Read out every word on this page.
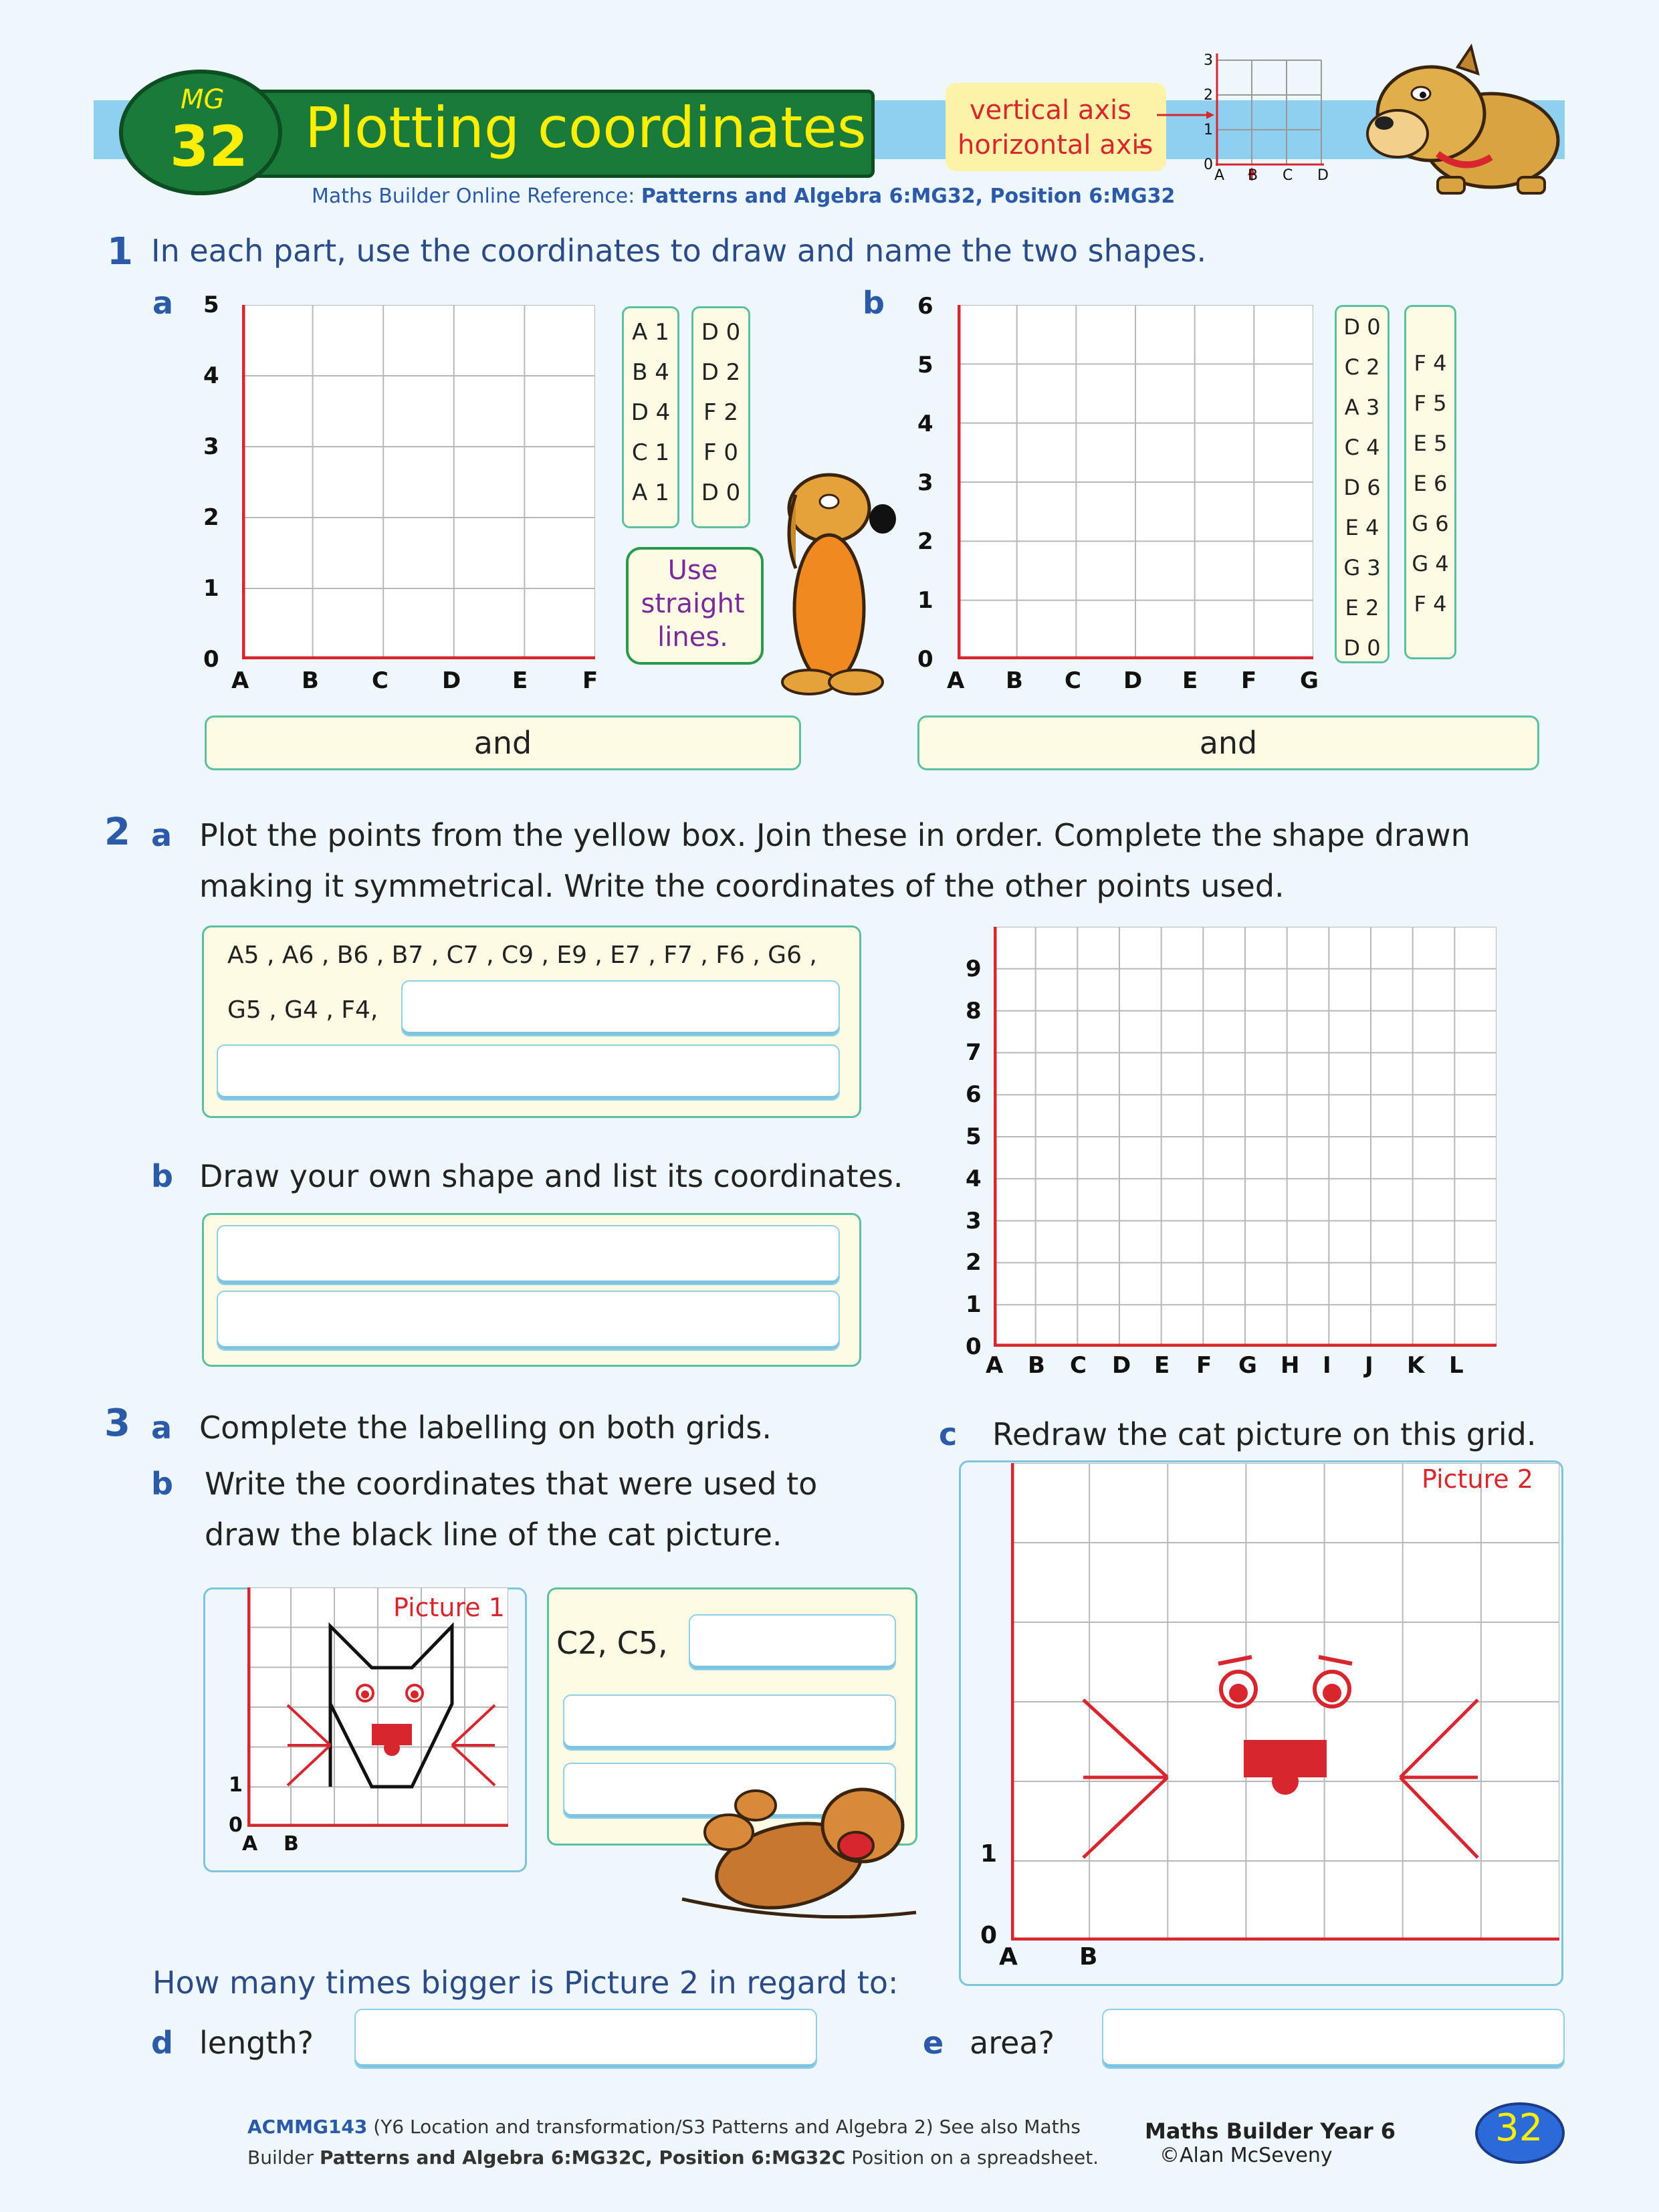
Plotting coordinates
MG
32
Maths Builder Online Reference: Patterns and Algebra 6:MG32, Position 6:MG32
vertical axis
horizontal axis
0
1
2
3
A B C D
1 In each part, use the coordinates to draw and name the two shapes.
a
0
1
2
3
4
5
A B C D E F
A 1
B 4
D 4
C 1
A 1
D 0
D 2
F 2
F 0
D 0
and
Use straight lines.
b
0
1
2
3
4
5
6
A B C D E F G
D 0
C 2
A 3
C 4
D 6
E 4
G 3
E 2
D 0
F 4
F 5
E 5
E 6
G 6
G 4
F 4
and
2 a Plot the points from the yellow box. Join these in order. Complete the shape drawn
making it symmetrical. Write the coordinates of the other points used.
A5 , A6 , B6 , B7 , C7 , C9 , E9 , E7 , F7 , F6 , G6 ,
G5 , G4 , F4,
b Draw your own shape and list its coordinates.
0
1
2
3
4
5
6
7
8
9
A B C D E F G H I J K L
3 a Complete the labelling on both grids.
b Write the coordinates that were used to
draw the black line of the cat picture.
c Redraw the cat picture on this grid.
Picture 1
0
1
A B
C2, C5,
Picture 2
0
1
A	B
How many times bigger is Picture 2 in regard to:
d length?	e area?
ACMMG143 (Y6 Location and transformation/S3 Patterns and Algebra 2) See also Maths
Builder Patterns and Algebra 6:MG32C, Position 6:MG32C Position on a spreadsheet.
Maths Builder Year 6
©Alan McSeveny
32
